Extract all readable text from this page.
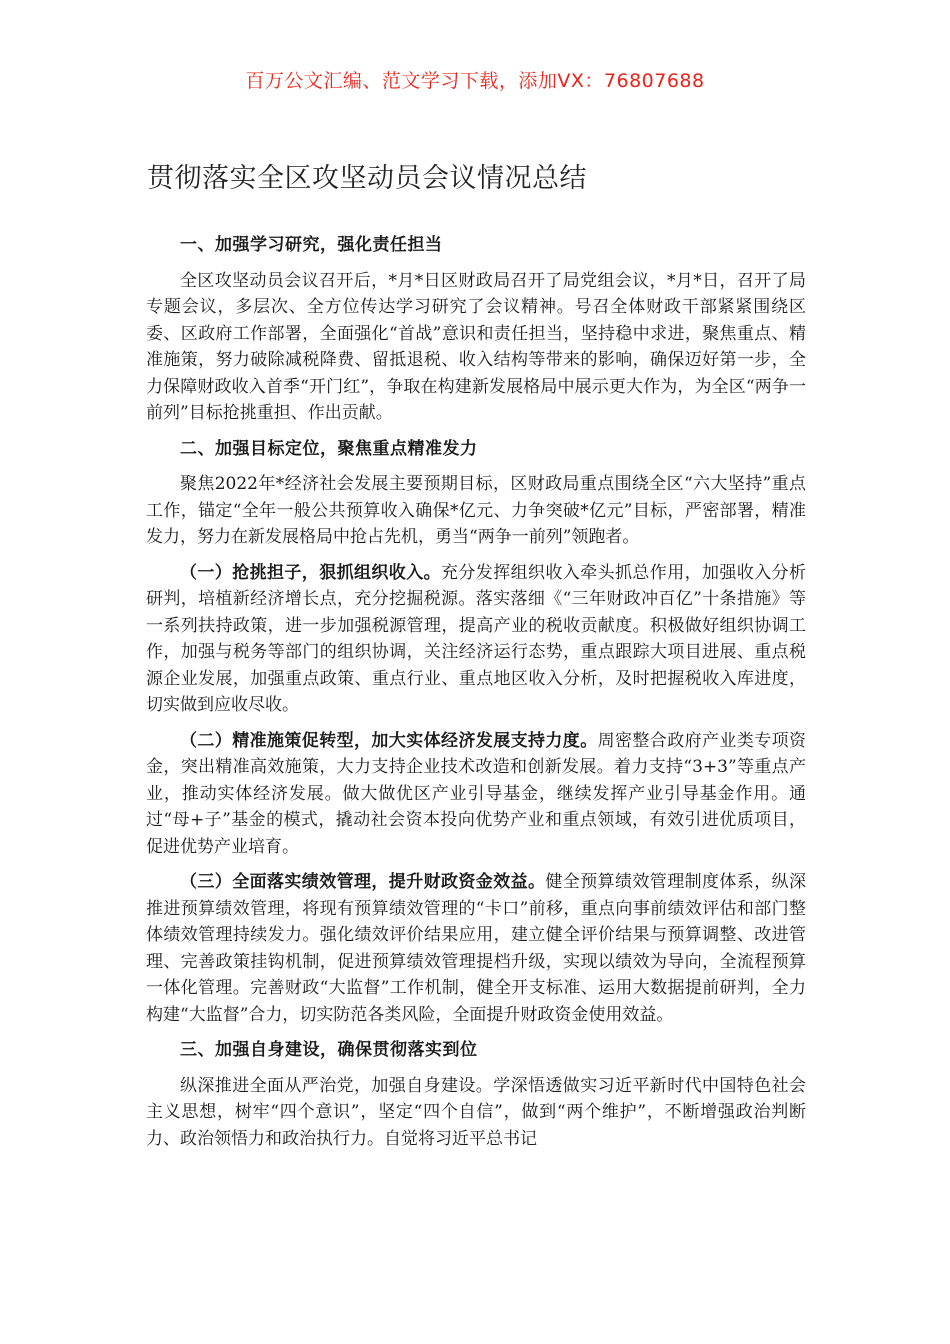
百万公文汇编、范文学习下载，添加VX：76807688
贯彻落实全区攻坚动员会议情况总结
一、加强学习研究，强化责任担当

全区攻坚动员会议召开后，*月*日区财政局召开了局党组会议，*月*日，召开了局专题会议，多层次、全方位传达学习研究了会议精神。号召全体财政干部紧紧围绕区委、区政府工作部署，全面强化“首战”意识和责任担当，坚持稳中求进，聚焦重点、精准施策，努力破除减税降费、留抵退税、收入结构等带来的影响，确保迈好第一步，全力保障财政收入首季“开门红”，争取在构建新发展格局中展示更大作为，为全区“两争一前列”目标抢挑重担、作出贡献。

二、加强目标定位，聚焦重点精准发力

聚焦2022年*经济社会发展主要预期目标，区财政局重点围绕全区“六大坚持”重点工作，锚定“全年一般公共预算收入确保*亿元、力争突破*亿元”目标，严密部署，精准发力，努力在新发展格局中抢占先机，勇当“两争一前列”领跑者。

（一）抢挑担子，狠抓组织收入。充分发挥组织收入牵头抓总作用，加强收入分析研判，培植新经济增长点，充分挖掘税源。落实落细《“三年财政冲百亿”十条措施》等一系列扶持政策，进一步加强税源管理，提高产业的税收贡献度。积极做好组织协调工作，加强与税务等部门的组织协调，关注经济运行态势，重点跟踪大项目进展、重点税源企业发展，加强重点政策、重点行业、重点地区收入分析，及时把握税收入库进度，切实做到应收尽收。

（二）精准施策促转型，加大实体经济发展支持力度。周密整合政府产业类专项资金，突出精准高效施策，大力支持企业技术改造和创新发展。着力支持“3+3”等重点产业，推动实体经济发展。做大做优区产业引导基金，继续发挥产业引导基金作用。通过“母+子”基金的模式，撬动社会资本投向优势产业和重点领域，有效引进优质项目，促进优势产业培育。

（三）全面落实绩效管理，提升财政资金效益。健全预算绩效管理制度体系，纵深推进预算绩效管理，将现有预算绩效管理的“卡口”前移，重点向事前绩效评估和部门整体绩效管理持续发力。强化绩效评价结果应用，建立健全评价结果与预算调整、改进管理、完善政策挂钩机制，促进预算绩效管理提档升级，实现以绩效为导向，全流程预算一体化管理。完善财政“大监督”工作机制，健全开支标准、运用大数据提前研判，全力构建“大监督”合力，切实防范各类风险，全面提升财政资金使用效益。

三、加强自身建设，确保贯彻落实到位

纵深推进全面从严治党，加强自身建设。学深悟透做实习近平新时代中国特色社会主义思想，树牢“四个意识”，坚定“四个自信”，做到“两个维护”，不断增强政治判断力、政治领悟力和政治执行力。自觉将习近平总书记
